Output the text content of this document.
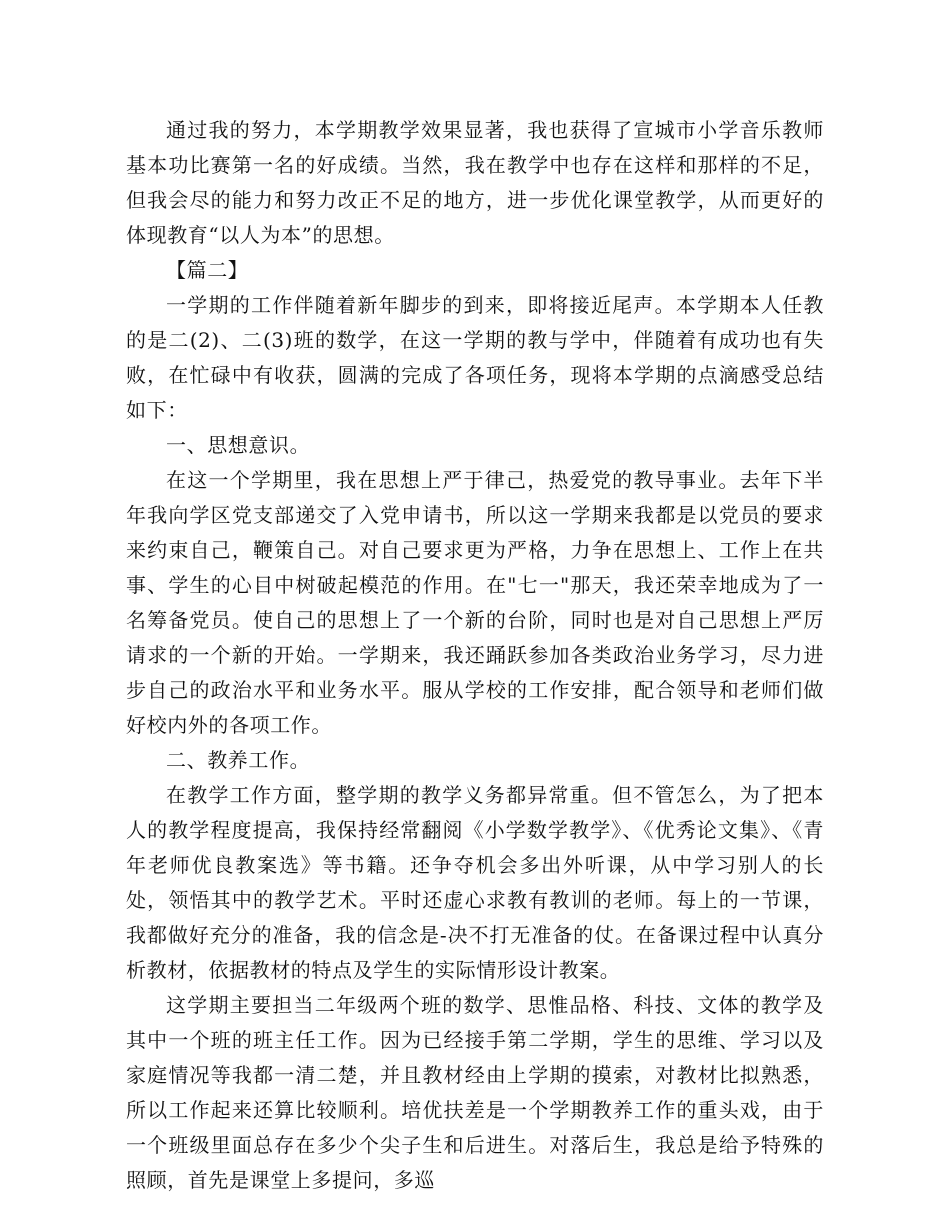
通过我的努力，本学期教学效果显著，我也获得了宣城市小学音乐教师基本功比赛第一名的好成绩。当然，我在教学中也存在这样和那样的不足，但我会尽的能力和努力改正不足的地方，进一步优化课堂教学，从而更好的体现教育“以人为本”的思想。

【篇二】

一学期的工作伴随着新年脚步的到来，即将接近尾声。本学期本人任教的是二(2)、二(3)班的数学，在这一学期的教与学中，伴随着有成功也有失败，在忙碌中有收获，圆满的完成了各项任务，现将本学期的点滴感受总结如下：

一、思想意识。

在这一个学期里，我在思想上严于律己，热爱党的教导事业。去年下半年我向学区党支部递交了入党申请书，所以这一学期来我都是以党员的要求来约束自己，鞭策自己。对自己要求更为严格，力争在思想上、工作上在共事、学生的心目中树破起模范的作用。在"七一"那天，我还荣幸地成为了一名筹备党员。使自己的思想上了一个新的台阶，同时也是对自己思想上严厉请求的一个新的开始。一学期来，我还踊跃参加各类政治业务学习，尽力进步自己的政治水平和业务水平。服从学校的工作安排，配合领导和老师们做好校内外的各项工作。

二、教养工作。

在教学工作方面，整学期的教学义务都异常重。但不管怎么，为了把本人的教学程度提高，我保持经常翻阅《小学数学教学》、《优秀论文集》、《青年老师优良教案选》等书籍。还争夺机会多出外听课，从中学习别人的长处，领悟其中的教学艺术。平时还虚心求教有教训的老师。每上的一节课，我都做好充分的准备，我的信念是-决不打无准备的仗。在备课过程中认真分析教材，依据教材的特点及学生的实际情形设计教案。

这学期主要担当二年级两个班的数学、思惟品格、科技、文体的教学及其中一个班的班主任工作。因为已经接手第二学期，学生的思维、学习以及家庭情况等我都一清二楚，并且教材经由上学期的摸索，对教材比拟熟悉，所以工作起来还算比较顺利。培优扶差是一个学期教养工作的重头戏，由于一个班级里面总存在多少个尖子生和后进生。对落后生，我总是给予特殊的照顾，首先是课堂上多提问，多巡
